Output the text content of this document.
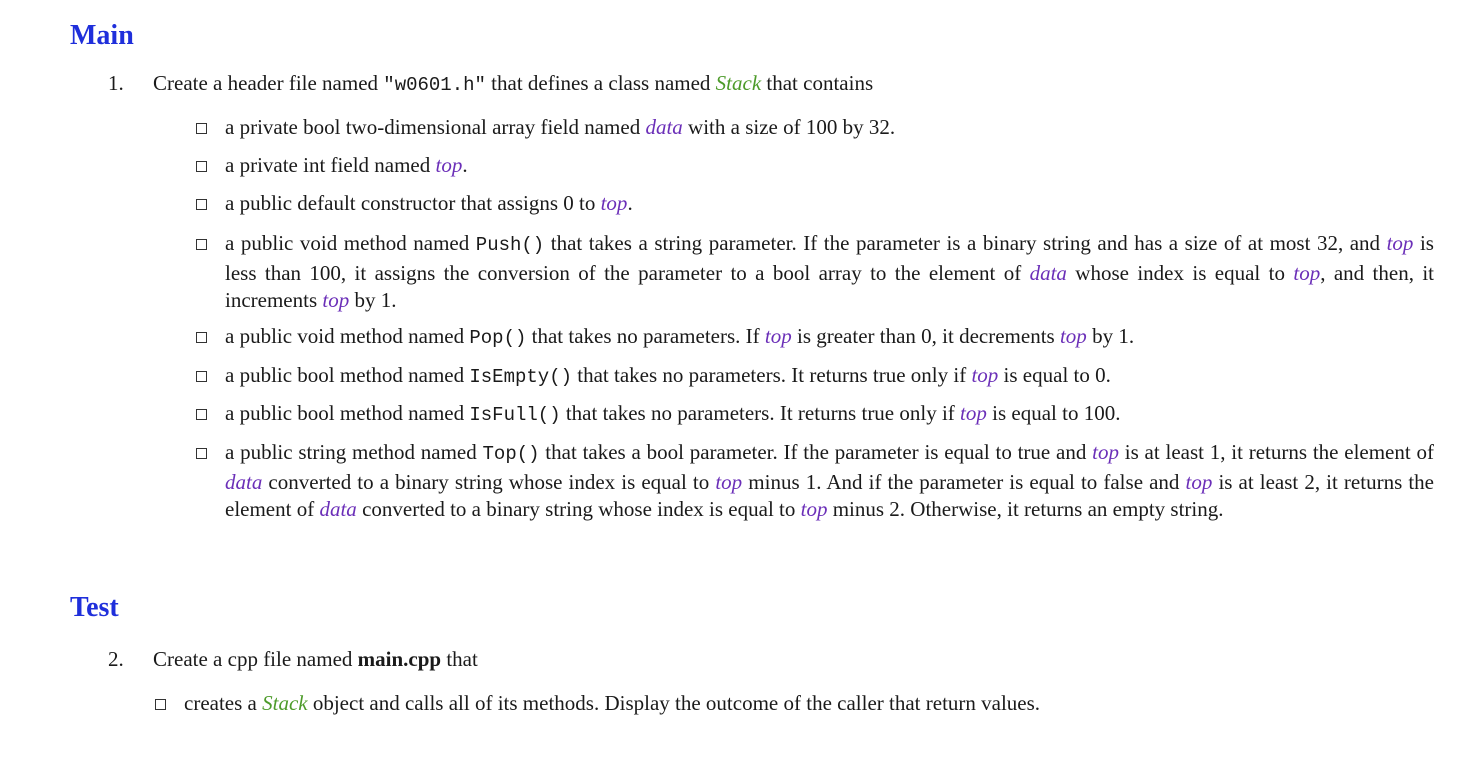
Main
1. Create a header file named "w0601.h" that defines a class named Stack that contains
a private bool two-dimensional array field named data with a size of 100 by 32.
a private int field named top.
a public default constructor that assigns 0 to top.
a public void method named Push() that takes a string parameter. If the parameter is a binary string and has a size of at most 32, and top is less than 100, it assigns the conversion of the parameter to a bool array to the element of data whose index is equal to top, and then, it increments top by 1.
a public void method named Pop() that takes no parameters. If top is greater than 0, it decrements top by 1.
a public bool method named IsEmpty() that takes no parameters. It returns true only if top is equal to 0.
a public bool method named IsFull() that takes no parameters. It returns true only if top is equal to 100.
a public string method named Top() that takes a bool parameter. If the parameter is equal to true and top is at least 1, it returns the element of data converted to a binary string whose index is equal to top minus 1. And if the parameter is equal to false and top is at least 2, it returns the element of data converted to a binary string whose index is equal to top minus 2. Otherwise, it returns an empty string.
Test
2. Create a cpp file named main.cpp that
creates a Stack object and calls all of its methods. Display the outcome of the caller that return values.
